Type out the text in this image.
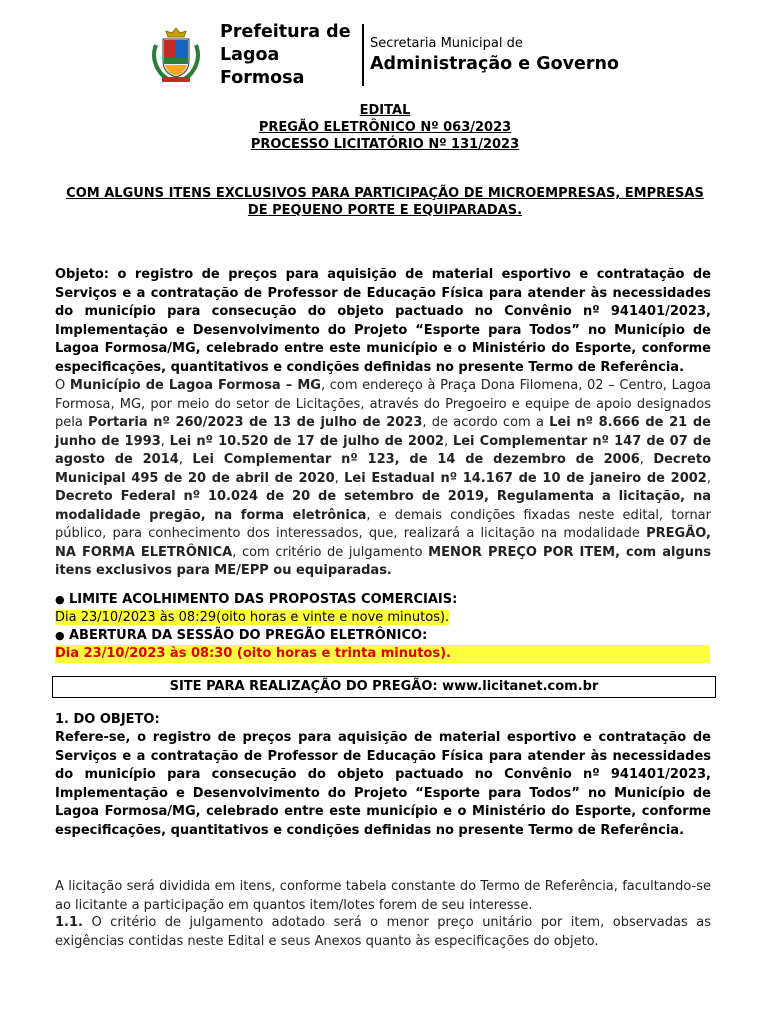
Prefeitura de
Lagoa Formosa
Secretaria Municipal de
Administração e Governo
EDITAL
PREGÃO ELETRÔNICO Nº 063/2023
PROCESSO LICITATÓRIO Nº 131/2023
COM ALGUNS ITENS EXCLUSIVOS PARA PARTICIPAÇÃO DE MICROEMPRESAS, EMPRESAS DE PEQUENO PORTE E EQUIPARADAS.
Objeto: o registro de preços para aquisição de material esportivo e contratação de Serviços e a contratação de Professor de Educação Física para atender às necessidades do município para consecução do objeto pactuado no Convênio nº 941401/2023, Implementação e Desenvolvimento do Projeto “Esporte para Todos” no Município de Lagoa Formosa/MG, celebrado entre este município e o Ministério do Esporte, conforme especificações, quantitativos e condições definidas no presente Termo de Referência.
O Município de Lagoa Formosa – MG, com endereço à Praça Dona Filomena, 02 – Centro, Lagoa Formosa, MG, por meio do setor de Licitações, através do Pregoeiro e equipe de apoio designados pela Portaria nº 260/2023 de 13 de julho de 2023, de acordo com a Lei nº 8.666 de 21 de junho de 1993, Lei nº 10.520 de 17 de julho de 2002, Lei Complementar nº 147 de 07 de agosto de 2014, Lei Complementar nº 123, de 14 de dezembro de 2006, Decreto Municipal 495 de 20 de abril de 2020, Lei Estadual nº 14.167 de 10 de janeiro de 2002, Decreto Federal nº 10.024 de 20 de setembro de 2019, Regulamenta a licitação, na modalidade pregão, na forma eletrônica, e demais condições fixadas neste edital, tornar público, para conhecimento dos interessados, que, realizará a licitação na modalidade PREGÃO, NA FORMA ELETRÔNICA, com critério de julgamento MENOR PREÇO POR ITEM, com alguns itens exclusivos para ME/EPP ou equiparadas.
● LIMITE ACOLHIMENTO DAS PROPOSTAS COMERCIAIS:
Dia 23/10/2023 às 08:29(oito horas e vinte e nove minutos).
● ABERTURA DA SESSÃO DO PREGÃO ELETRÔNICO:
Dia 23/10/2023 às 08:30 (oito horas e trinta minutos).
SITE PARA REALIZAÇÃO DO PREGÃO: www.licitanet.com.br
1. DO OBJETO:
Refere-se, o registro de preços para aquisição de material esportivo e contratação de Serviços e a contratação de Professor de Educação Física para atender às necessidades do município para consecução do objeto pactuado no Convênio nº 941401/2023, Implementação e Desenvolvimento do Projeto “Esporte para Todos” no Município de Lagoa Formosa/MG, celebrado entre este município e o Ministério do Esporte, conforme especificações, quantitativos e condições definidas no presente Termo de Referência.
A licitação será dividida em itens, conforme tabela constante do Termo de Referência, facultando-se ao licitante a participação em quantos item/lotes forem de seu interesse.
1.1. O critério de julgamento adotado será o menor preço unitário por item, observadas as exigências contidas neste Edital e seus Anexos quanto às especificações do objeto.
